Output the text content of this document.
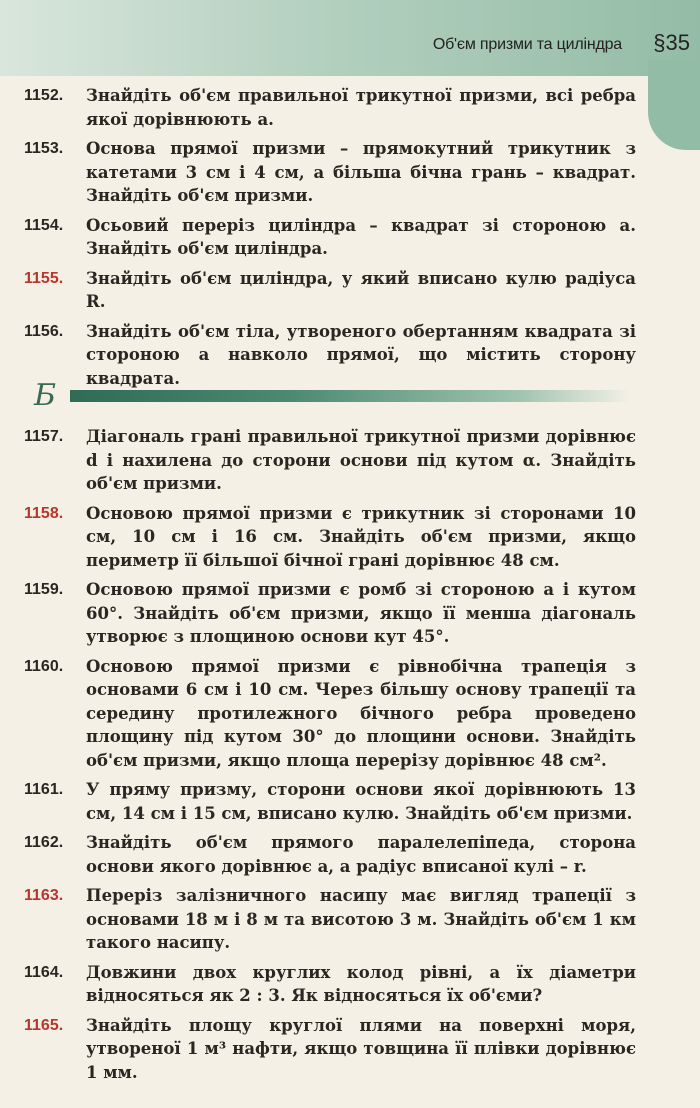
Об'єм призми та циліндра §35
1152.	Знайдіть об'єм правильної трикутної призми, всі ребра якої дорівнюють a.
1153.	Основа прямої призми – прямокутний трикутник з катетами 3 см і 4 см, а більша бічна грань – квадрат. Знайдіть об'єм призми.
1154.	Осьовий переріз циліндра – квадрат зі стороною a. Знайдіть об'єм циліндра.
1155.	Знайдіть об'єм циліндра, у який вписано кулю радіуса R.
1156.	Знайдіть об'єм тіла, утвореного обертанням квадрата зі стороною a навколо прямої, що містить сторону квадрата.
Б
1157.	Діагональ грані правильної трикутної призми дорівнює d і нахилена до сторони основи під кутом α. Знайдіть об'єм призми.
1158.	Основою прямої призми є трикутник зі сторонами 10 см, 10 см і 16 см. Знайдіть об'єм призми, якщо периметр її більшої бічної грані дорівнює 48 см.
1159.	Основою прямої призми є ромб зі стороною a і кутом 60°. Знайдіть об'єм призми, якщо її менша діагональ утворює з площиною основи кут 45°.
1160.	Основою прямої призми є рівнобічна трапеція з основами 6 см і 10 см. Через більшу основу трапеції та середину протилежного бічного ребра проведено площину під кутом 30° до площини основи. Знайдіть об'єм призми, якщо площа перерізу дорівнює 48 см².
1161.	У пряму призму, сторони основи якої дорівнюють 13 см, 14 см і 15 см, вписано кулю. Знайдіть об'єм призми.
1162.	Знайдіть об'єм прямого паралелепіпеда, сторона основи якого дорівнює a, а радіус вписаної кулі – r.
1163.	Переріз залізничного насипу має вигляд трапеції з основами 18 м і 8 м та висотою 3 м. Знайдіть об'єм 1 км такого насипу.
1164.	Довжини двох круглих колод рівні, а їх діаметри відносяться як 2 : 3. Як відносяться їх об'єми?
1165.	Знайдіть площу круглої плями на поверхні моря, утвореної 1 м³ нафти, якщо товщина її плівки дорівнює 1 мм.
